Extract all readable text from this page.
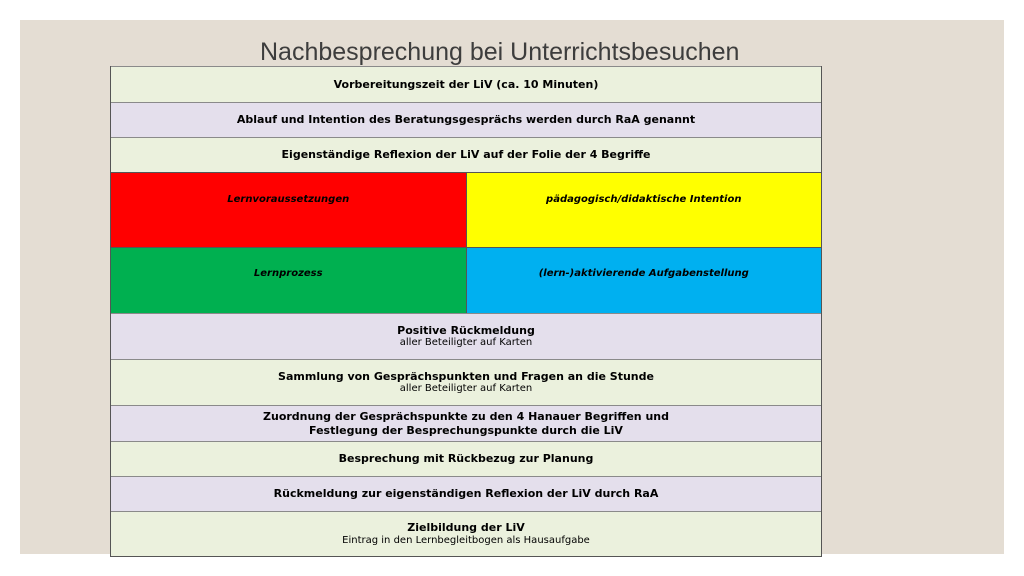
Nachbesprechung bei Unterrichtsbesuchen
Vorbereitungszeit der LiV (ca. 10 Minuten)
Ablauf und Intention des Beratungsgesprächs werden durch RaA genannt
Eigenständige Reflexion der LiV auf der Folie der 4 Begriffe
Lernvoraussetzungen	pädagogisch/didaktische Intention
Lernprozess	(lern-)aktivierende Aufgabenstellung
Positive Rückmeldung
aller Beteiligter auf Karten
Sammlung von Gesprächspunkten und Fragen an die Stunde
aller Beteiligter auf Karten
Zuordnung der Gesprächspunkte zu den 4 Hanauer Begriffen und
Festlegung der Besprechungspunkte durch die LiV
Besprechung mit Rückbezug zur Planung
Rückmeldung zur eigenständigen Reflexion der LiV durch RaA
Zielbildung der LiV
Eintrag in den Lernbegleitbogen als Hausaufgabe
